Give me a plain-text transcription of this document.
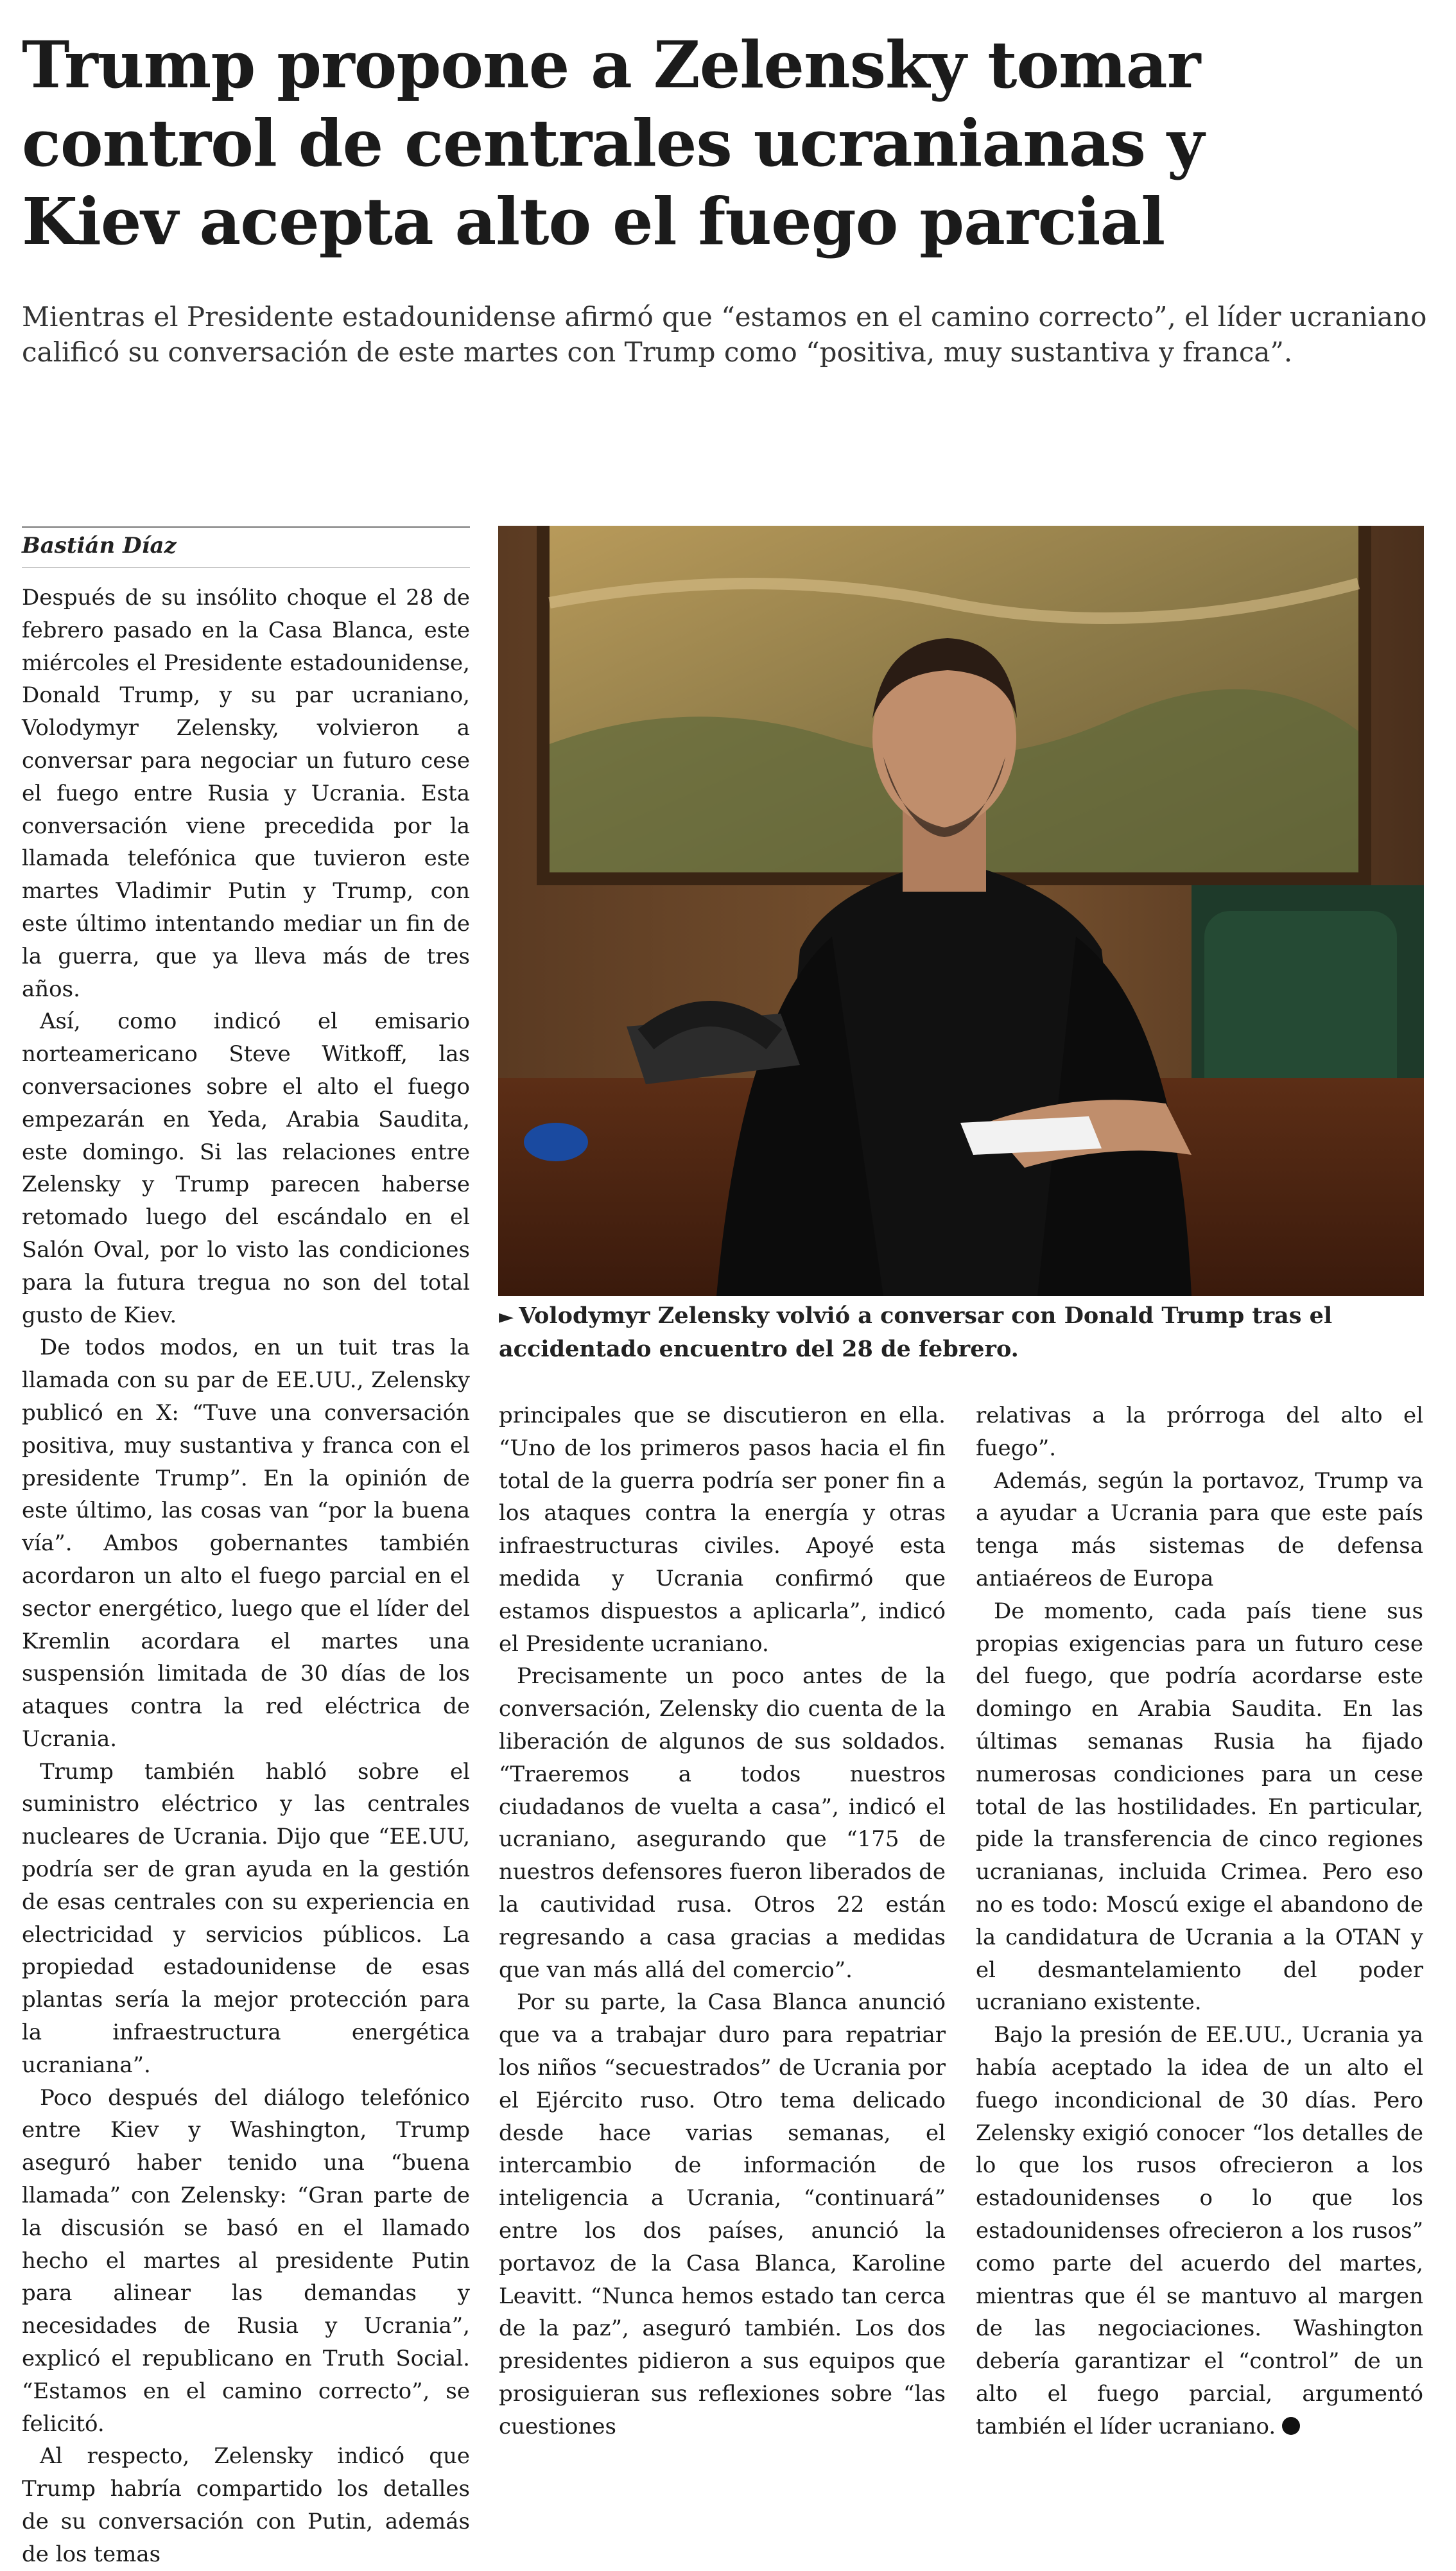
Trump propone a Zelensky tomar
control de centrales ucranianas y
Kiev acepta alto el fuego parcial

Mientras el Presidente estadounidense afirmó que “estamos en el camino correcto”, el líder ucraniano
calificó su conversación de este martes con Trump como “positiva, muy sustantiva y franca”.

Bastián Díaz

Después de su insólito choque el 28 de febrero pasado en la Casa Blanca, este miércoles el Presidente estadounidense, Donald Trump, y su par ucraniano, Volodymyr Zelensky, volvieron a conversar para negociar un futuro cese el fuego entre Rusia y Ucrania. Esta conversación viene precedida por la llamada telefónica que tuvieron este martes Vladimir Putin y Trump, con este último intentando mediar un fin de la guerra, que ya lleva más de tres años.

Así, como indicó el emisario norteamericano Steve Witkoff, las conversaciones sobre el alto el fuego empezarán en Yeda, Arabia Saudita, este domingo. Si las relaciones entre Zelensky y Trump parecen haberse retomado luego del escándalo en el Salón Oval, por lo visto las condiciones para la futura tregua no son del total gusto de Kiev.

De todos modos, en un tuit tras la llamada con su par de EE.UU., Zelensky publicó en X: “Tuve una conversación positiva, muy sustantiva y franca con el presidente Trump”. En la opinión de este último, las cosas van “por la buena vía”. Ambos gobernantes también acordaron un alto el fuego parcial en el sector energético, luego que el líder del Kremlin acordara el martes una suspensión limitada de 30 días de los ataques contra la red eléctrica de Ucrania.

Trump también habló sobre el suministro eléctrico y las centrales nucleares de Ucrania. Dijo que “EE.UU, podría ser de gran ayuda en la gestión de esas centrales con su experiencia en electricidad y servicios públicos. La propiedad estadounidense de esas plantas sería la mejor protección para la infraestructura energética ucraniana”.

Poco después del diálogo telefónico entre Kiev y Washington, Trump aseguró haber tenido una “buena llamada” con Zelensky: “Gran parte de la discusión se basó en el llamado hecho el martes al presidente Putin para alinear las demandas y necesidades de Rusia y Ucrania”, explicó el republicano en Truth Social. “Estamos en el camino correcto”, se felicitó.

Al respecto, Zelensky indicó que Trump habría compartido los detalles de su conversación con Putin, además de los temas

► Volodymyr Zelensky volvió a conversar con Donald Trump tras el accidentado encuentro del 28 de febrero.

principales que se discutieron en ella. “Uno de los primeros pasos hacia el fin total de la guerra podría ser poner fin a los ataques contra la energía y otras infraestructuras civiles. Apoyé esta medida y Ucrania confirmó que estamos dispuestos a aplicarla”, indicó el Presidente ucraniano.

Precisamente un poco antes de la conversación, Zelensky dio cuenta de la liberación de algunos de sus soldados. “Traeremos a todos nuestros ciudadanos de vuelta a casa”, indicó el ucraniano, asegurando que “175 de nuestros defensores fueron liberados de la cautividad rusa. Otros 22 están regresando a casa gracias a medidas que van más allá del comercio”.

Por su parte, la Casa Blanca anunció que va a trabajar duro para repatriar los niños “secuestrados” de Ucrania por el Ejército ruso. Otro tema delicado desde hace varias semanas, el intercambio de información de inteligencia a Ucrania, “continuará” entre los dos países, anunció la portavoz de la Casa Blanca, Karoline Leavitt. “Nunca hemos estado tan cerca de la paz”, aseguró también. Los dos presidentes pidieron a sus equipos que prosiguieran sus reflexiones sobre “las cuestiones

relativas a la prórroga del alto el fuego”.

Además, según la portavoz, Trump va a ayudar a Ucrania para que este país tenga más sistemas de defensa antiaéreos de Europa

De momento, cada país tiene sus propias exigencias para un futuro cese del fuego, que podría acordarse este domingo en Arabia Saudita. En las últimas semanas Rusia ha fijado numerosas condiciones para un cese total de las hostilidades. En particular, pide la transferencia de cinco regiones ucranianas, incluida Crimea. Pero eso no es todo: Moscú exige el abandono de la candidatura de Ucrania a la OTAN y el desmantelamiento del poder ucraniano existente.

Bajo la presión de EE.UU., Ucrania ya había aceptado la idea de un alto el fuego incondicional de 30 días. Pero Zelensky exigió conocer “los detalles de lo que los rusos ofrecieron a los estadounidenses o lo que los estadounidenses ofrecieron a los rusos” como parte del acuerdo del martes, mientras que él se mantuvo al margen de las negociaciones. Washington debería garantizar el “control” de un alto el fuego parcial, argumentó también el líder ucraniano.
